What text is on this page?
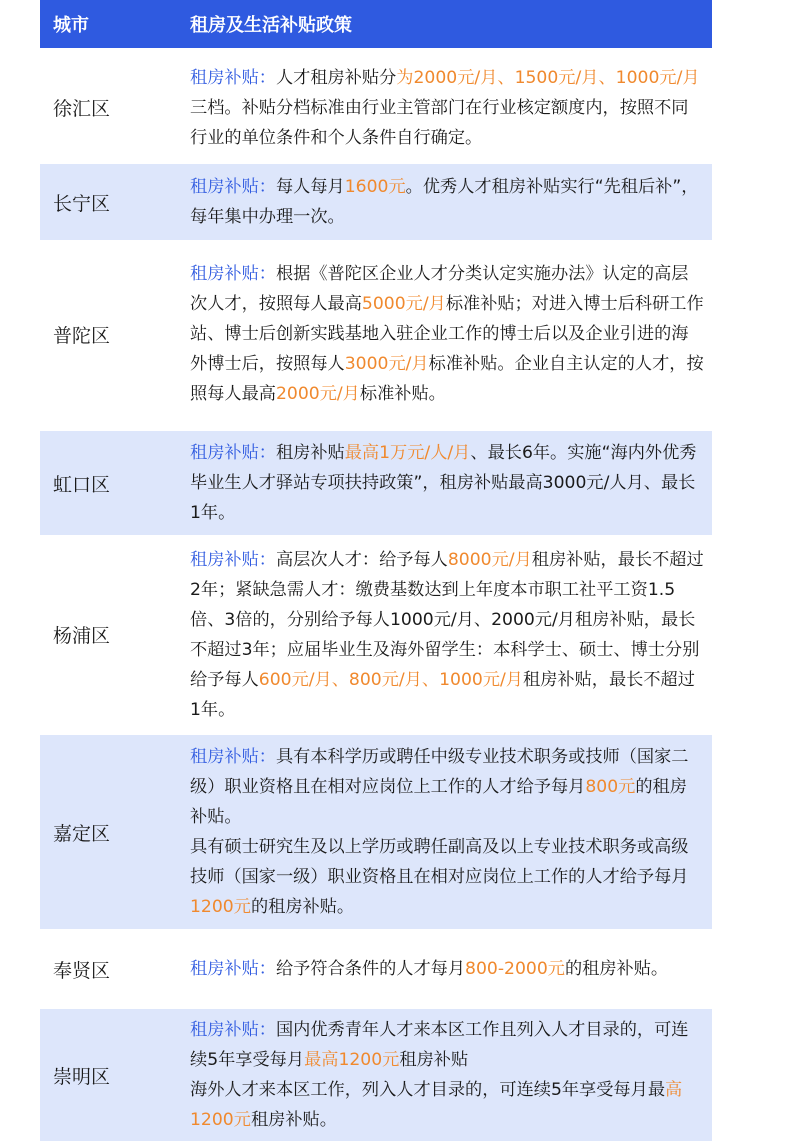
城市	租房及生活补贴政策
徐汇区

租房补贴：人才租房补贴分为2000元/月、1500元/月、1000元/月三档。补贴分档标准由行业主管部门在行业核定额度内，按照不同行业的单位条件和个人条件自行确定。

长宁区

租房补贴：每人每月1600元。优秀人才租房补贴实行“先租后补”，每年集中办理一次。

普陀区

租房补贴：根据《普陀区企业人才分类认定实施办法》认定的高层次人才，按照每人最高5000元/月标准补贴；对进入博士后科研工作站、博士后创新实践基地入驻企业工作的博士后以及企业引进的海外博士后，按照每人3000元/月标准补贴。企业自主认定的人才，按照每人最高2000元/月标准补贴。

虹口区

租房补贴：租房补贴最高1万元/人/月、最长6年。实施“海内外优秀毕业生人才驿站专项扶持政策”，租房补贴最高3000元/人月、最长1年。

杨浦区

租房补贴：高层次人才：给予每人8000元/月租房补贴，最长不超过2年；紧缺急需人才：缴费基数达到上年度本市职工社平工资1.5倍、3倍的，分别给予每人1000元/月、2000元/月租房补贴，最长不超过3年；应届毕业生及海外留学生：本科学士、硕士、博士分别给予每人600元/月、800元/月、1000元/月租房补贴，最长不超过1年。

嘉定区

租房补贴：具有本科学历或聘任中级专业技术职务或技师（国家二级）职业资格且在相对应岗位上工作的人才给予每月800元的租房补贴。

具有硕士研究生及以上学历或聘任副高及以上专业技术职务或高级技师（国家一级）职业资格且在相对应岗位上工作的人才给予每月1200元的租房补贴。

奉贤区	租房补贴：给予符合条件的人才每月800-2000元的租房补贴。

崇明区

租房补贴：国内优秀青年人才来本区工作且列入人才目录的，可连续5年享受每月最高1200元租房补贴

海外人才来本区工作，列入人才目录的，可连续5年享受每月最高1200元租房补贴。
